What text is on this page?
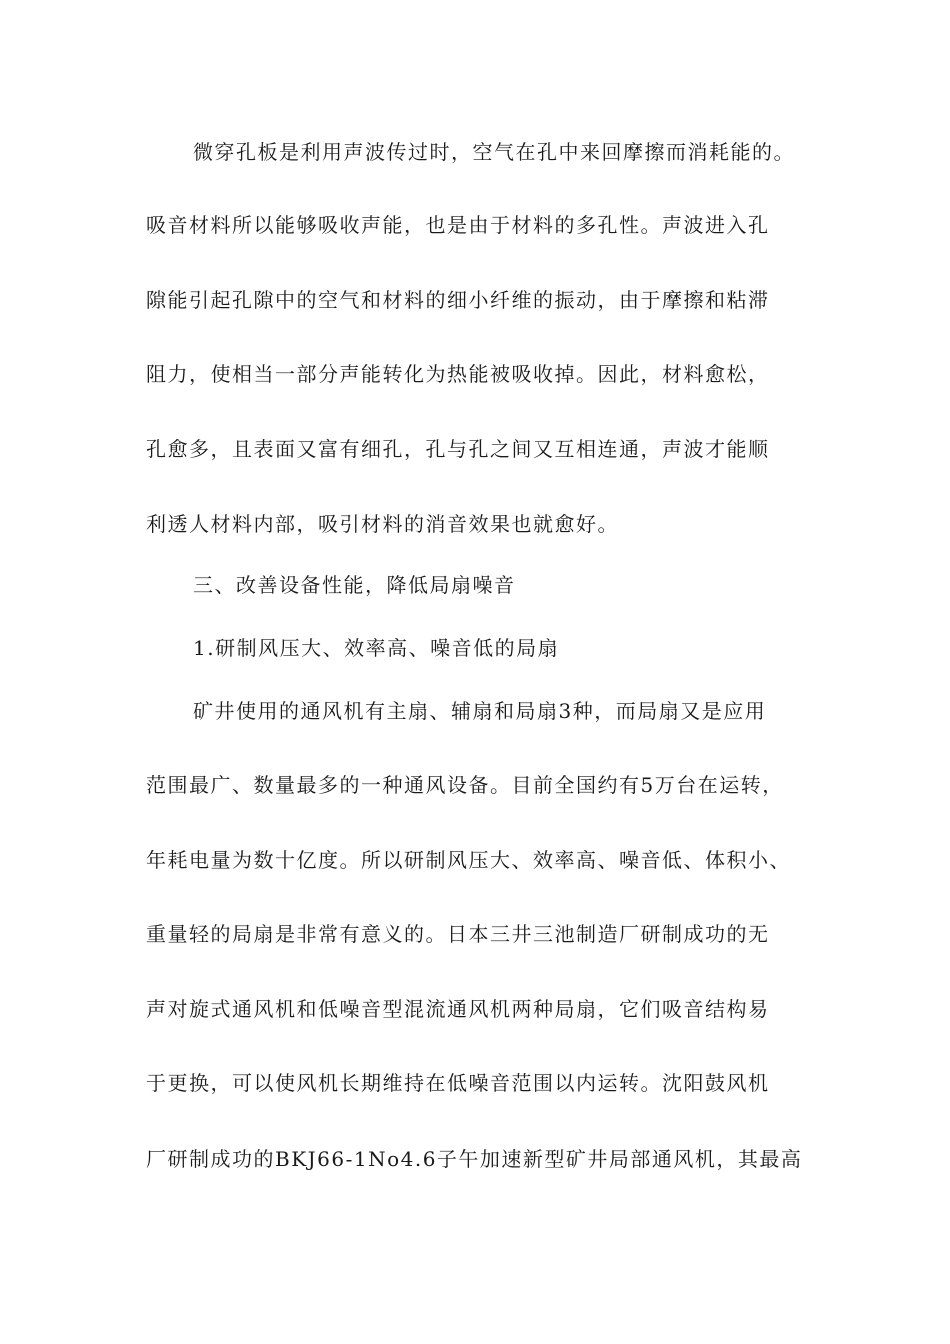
微穿孔板是利用声波传过时，空气在孔中来回摩擦而消耗能的。
吸音材料所以能够吸收声能，也是由于材料的多孔性。声波进入孔
隙能引起孔隙中的空气和材料的细小纤维的振动，由于摩擦和粘滞
阻力，使相当一部分声能转化为热能被吸收掉。因此，材料愈松，
孔愈多，且表面又富有细孔，孔与孔之间又互相连通，声波才能顺
利透人材料内部，吸引材料的消音效果也就愈好。
三、改善设备性能，降低局扇噪音
1.研制风压大、效率高、噪音低的局扇
矿井使用的通风机有主扇、辅扇和局扇3种，而局扇又是应用
范围最广、数量最多的一种通风设备。目前全国约有5万台在运转，
年耗电量为数十亿度。所以研制风压大、效率高、噪音低、体积小、
重量轻的局扇是非常有意义的。日本三井三池制造厂研制成功的无
声对旋式通风机和低噪音型混流通风机两种局扇，它们吸音结构易
于更换，可以使风机长期维持在低噪音范围以内运转。沈阳鼓风机
厂研制成功的BKJ66-1No4.6子午加速新型矿井局部通风机，其最高
